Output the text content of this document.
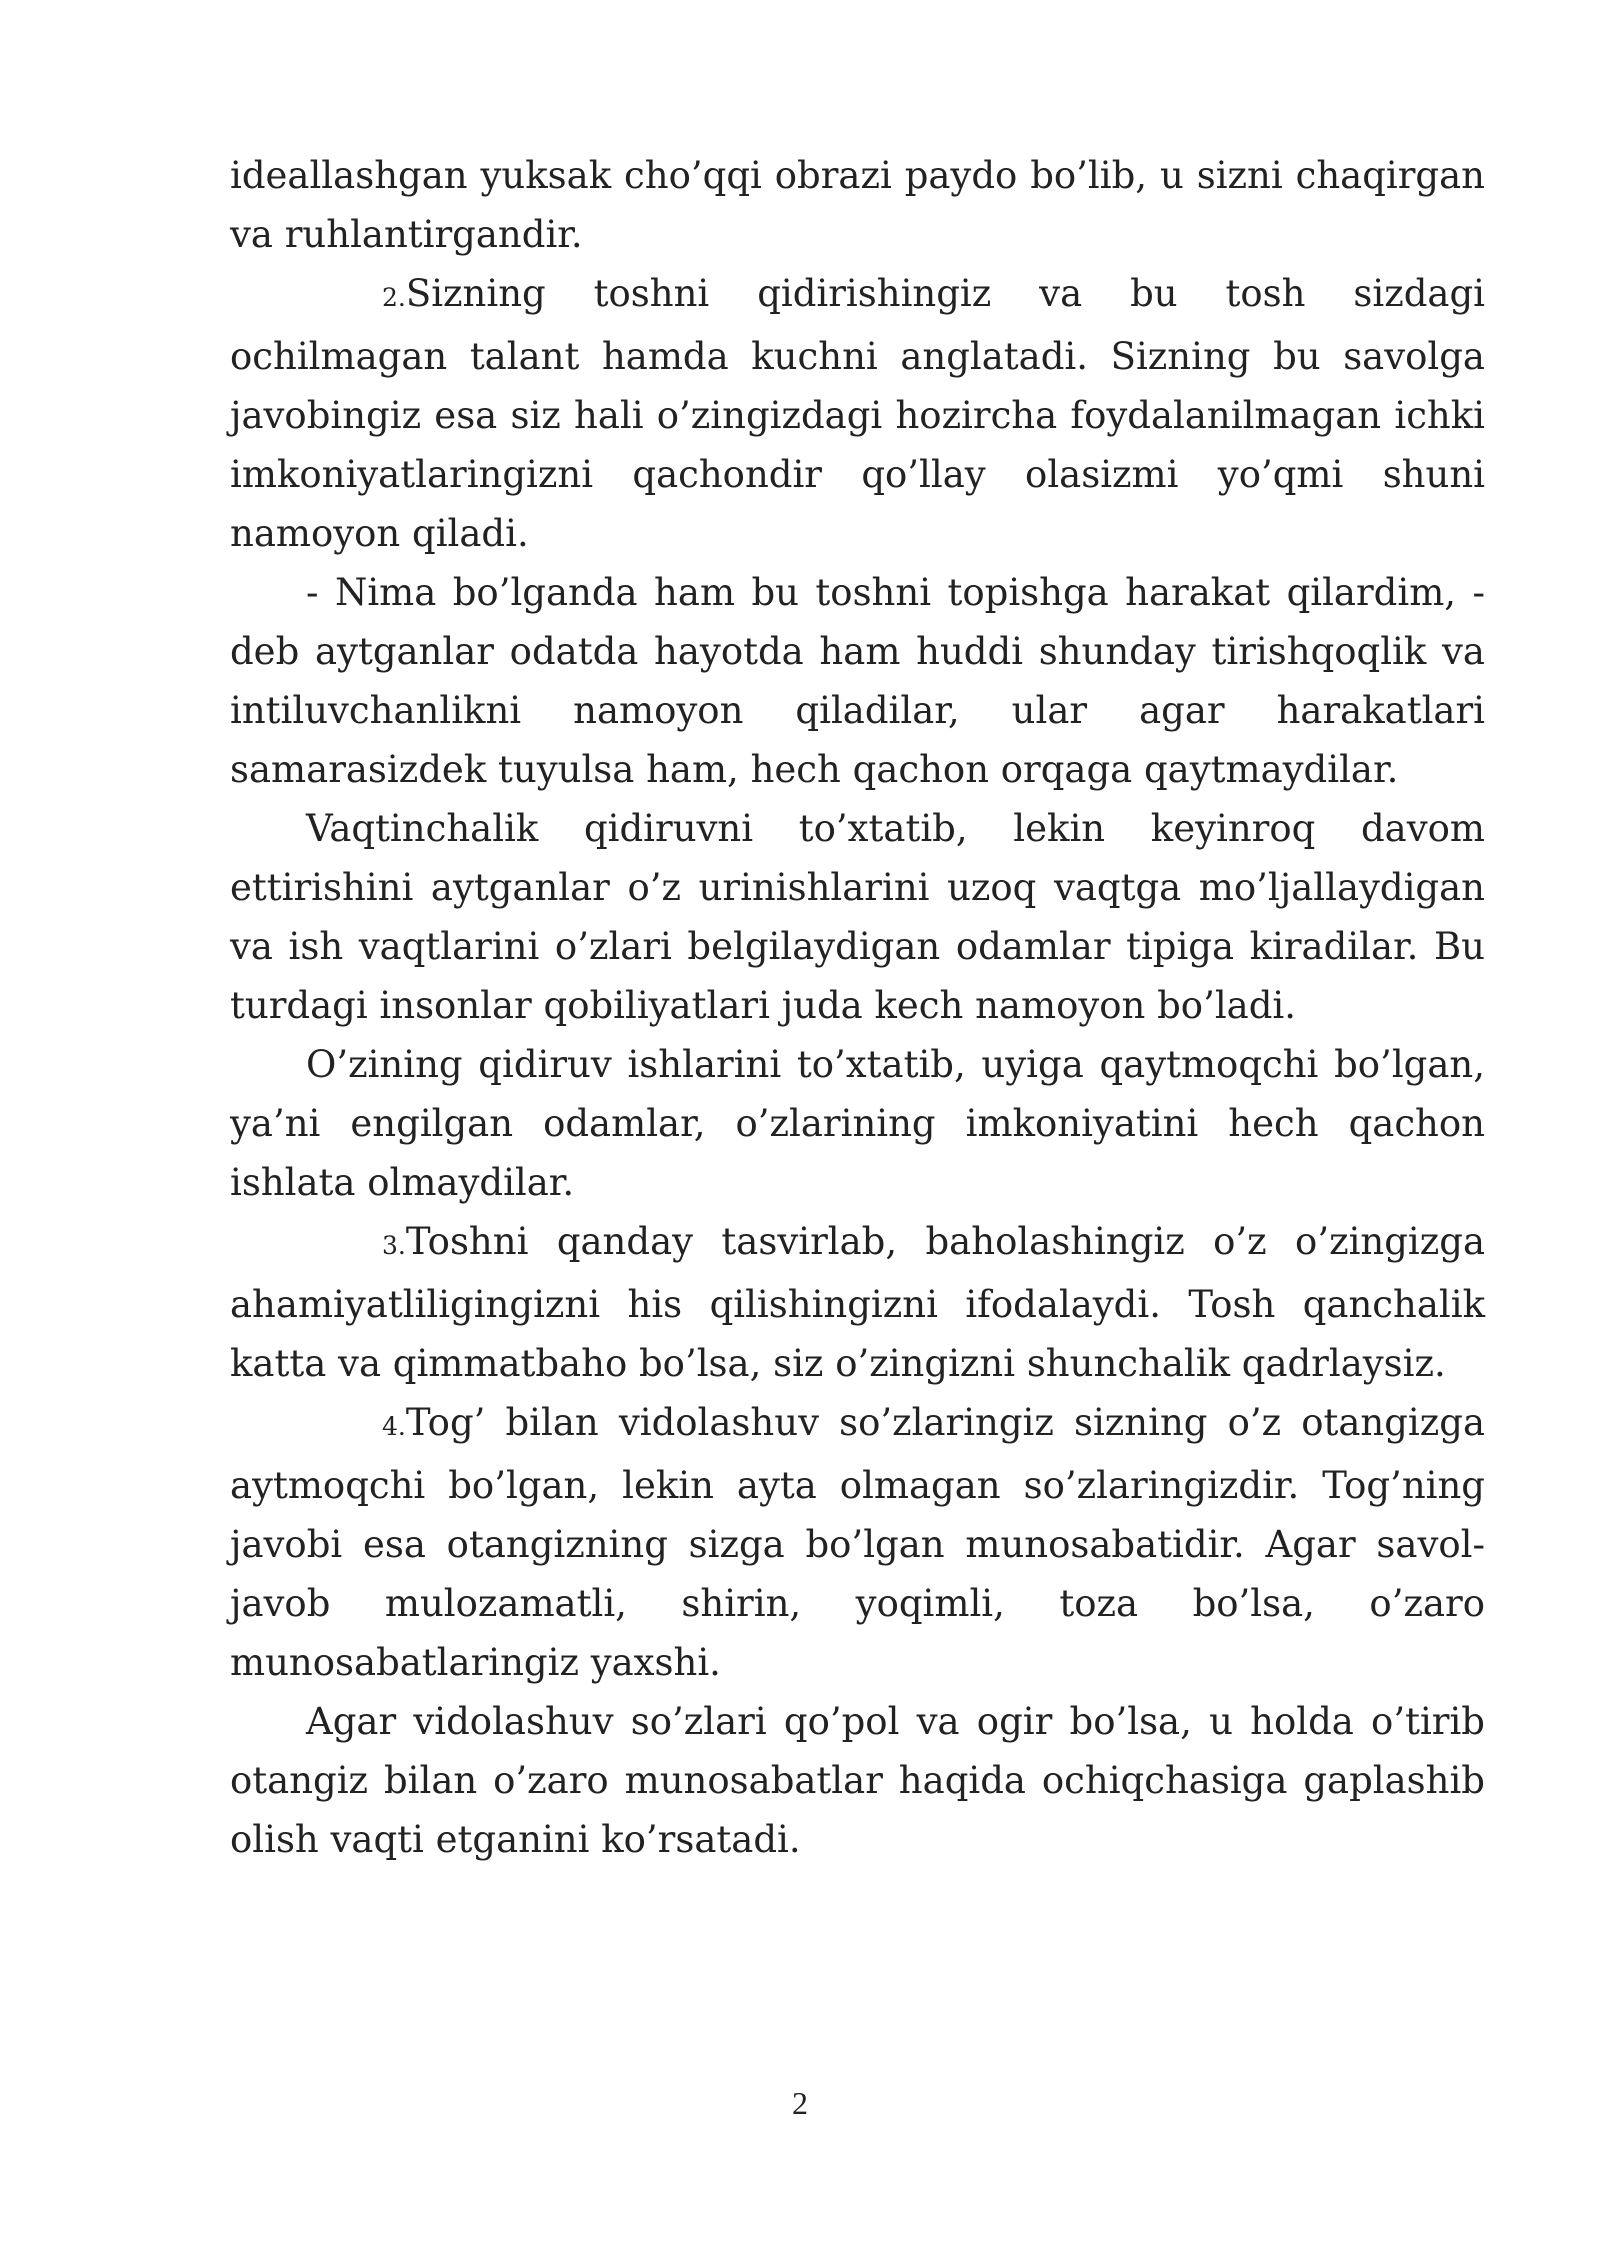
ideallashgan yuksak cho’qqi obrazi paydo bo’lib, u sizni chaqirgan va ruhlantirgandir.

2.Sizning toshni qidirishingiz va bu tosh sizdagi ochilmagan talant hamda kuchni anglatadi. Sizning bu savolga javobingiz esa siz hali o’zingizdagi hozircha foydalanilmagan ichki imkoniyatlaringizni qachondir qo’llay olasizmi yo’qmi shuni namoyon qiladi.

- Nima bo’lganda ham bu toshni topishga harakat qilardim, - deb aytganlar odatda hayotda ham huddi shunday tirishqoqlik va intiluvchanlikni namoyon qiladilar, ular agar harakatlari samarasizdek tuyulsa ham, hech qachon orqaga qaytmaydilar.

Vaqtinchalik qidiruvni to’xtatib, lekin keyinroq davom ettirishini aytganlar o’z urinishlarini uzoq vaqtga mo’ljallaydigan va ish vaqtlarini o’zlari belgilaydigan odamlar tipiga kiradilar. Bu turdagi insonlar qobiliyatlari juda kech namoyon bo’ladi.

O’zining qidiruv ishlarini to’xtatib, uyiga qaytmoqchi bo’lgan, ya’ni engilgan odamlar, o’zlarining imkoniyatini hech qachon ishlata olmaydilar.

3.Toshni qanday tasvirlab, baholashingiz o’z o’zingizga ahamiyatliligingizni his qilishingizni ifodalaydi. Tosh qanchalik katta va qimmatbaho bo’lsa, siz o’zingizni shunchalik qadrlaysiz.

4.Tog’ bilan vidolashuv so’zlaringiz sizning o’z otangizga aytmoqchi bo’lgan, lekin ayta olmagan so’zlaringizdir. Tog’ning javobi esa otangizning sizga bo’lgan munosabatidir. Agar savol-javob mulozamatli, shirin, yoqimli, toza bo’lsa, o’zaro munosabatlaringiz yaxshi.

Agar vidolashuv so’zlari qo’pol va ogir bo’lsa, u holda o’tirib otangiz bilan o’zaro munosabatlar haqida ochiqchasiga gaplashib olish vaqti etganini ko’rsatadi.

2
